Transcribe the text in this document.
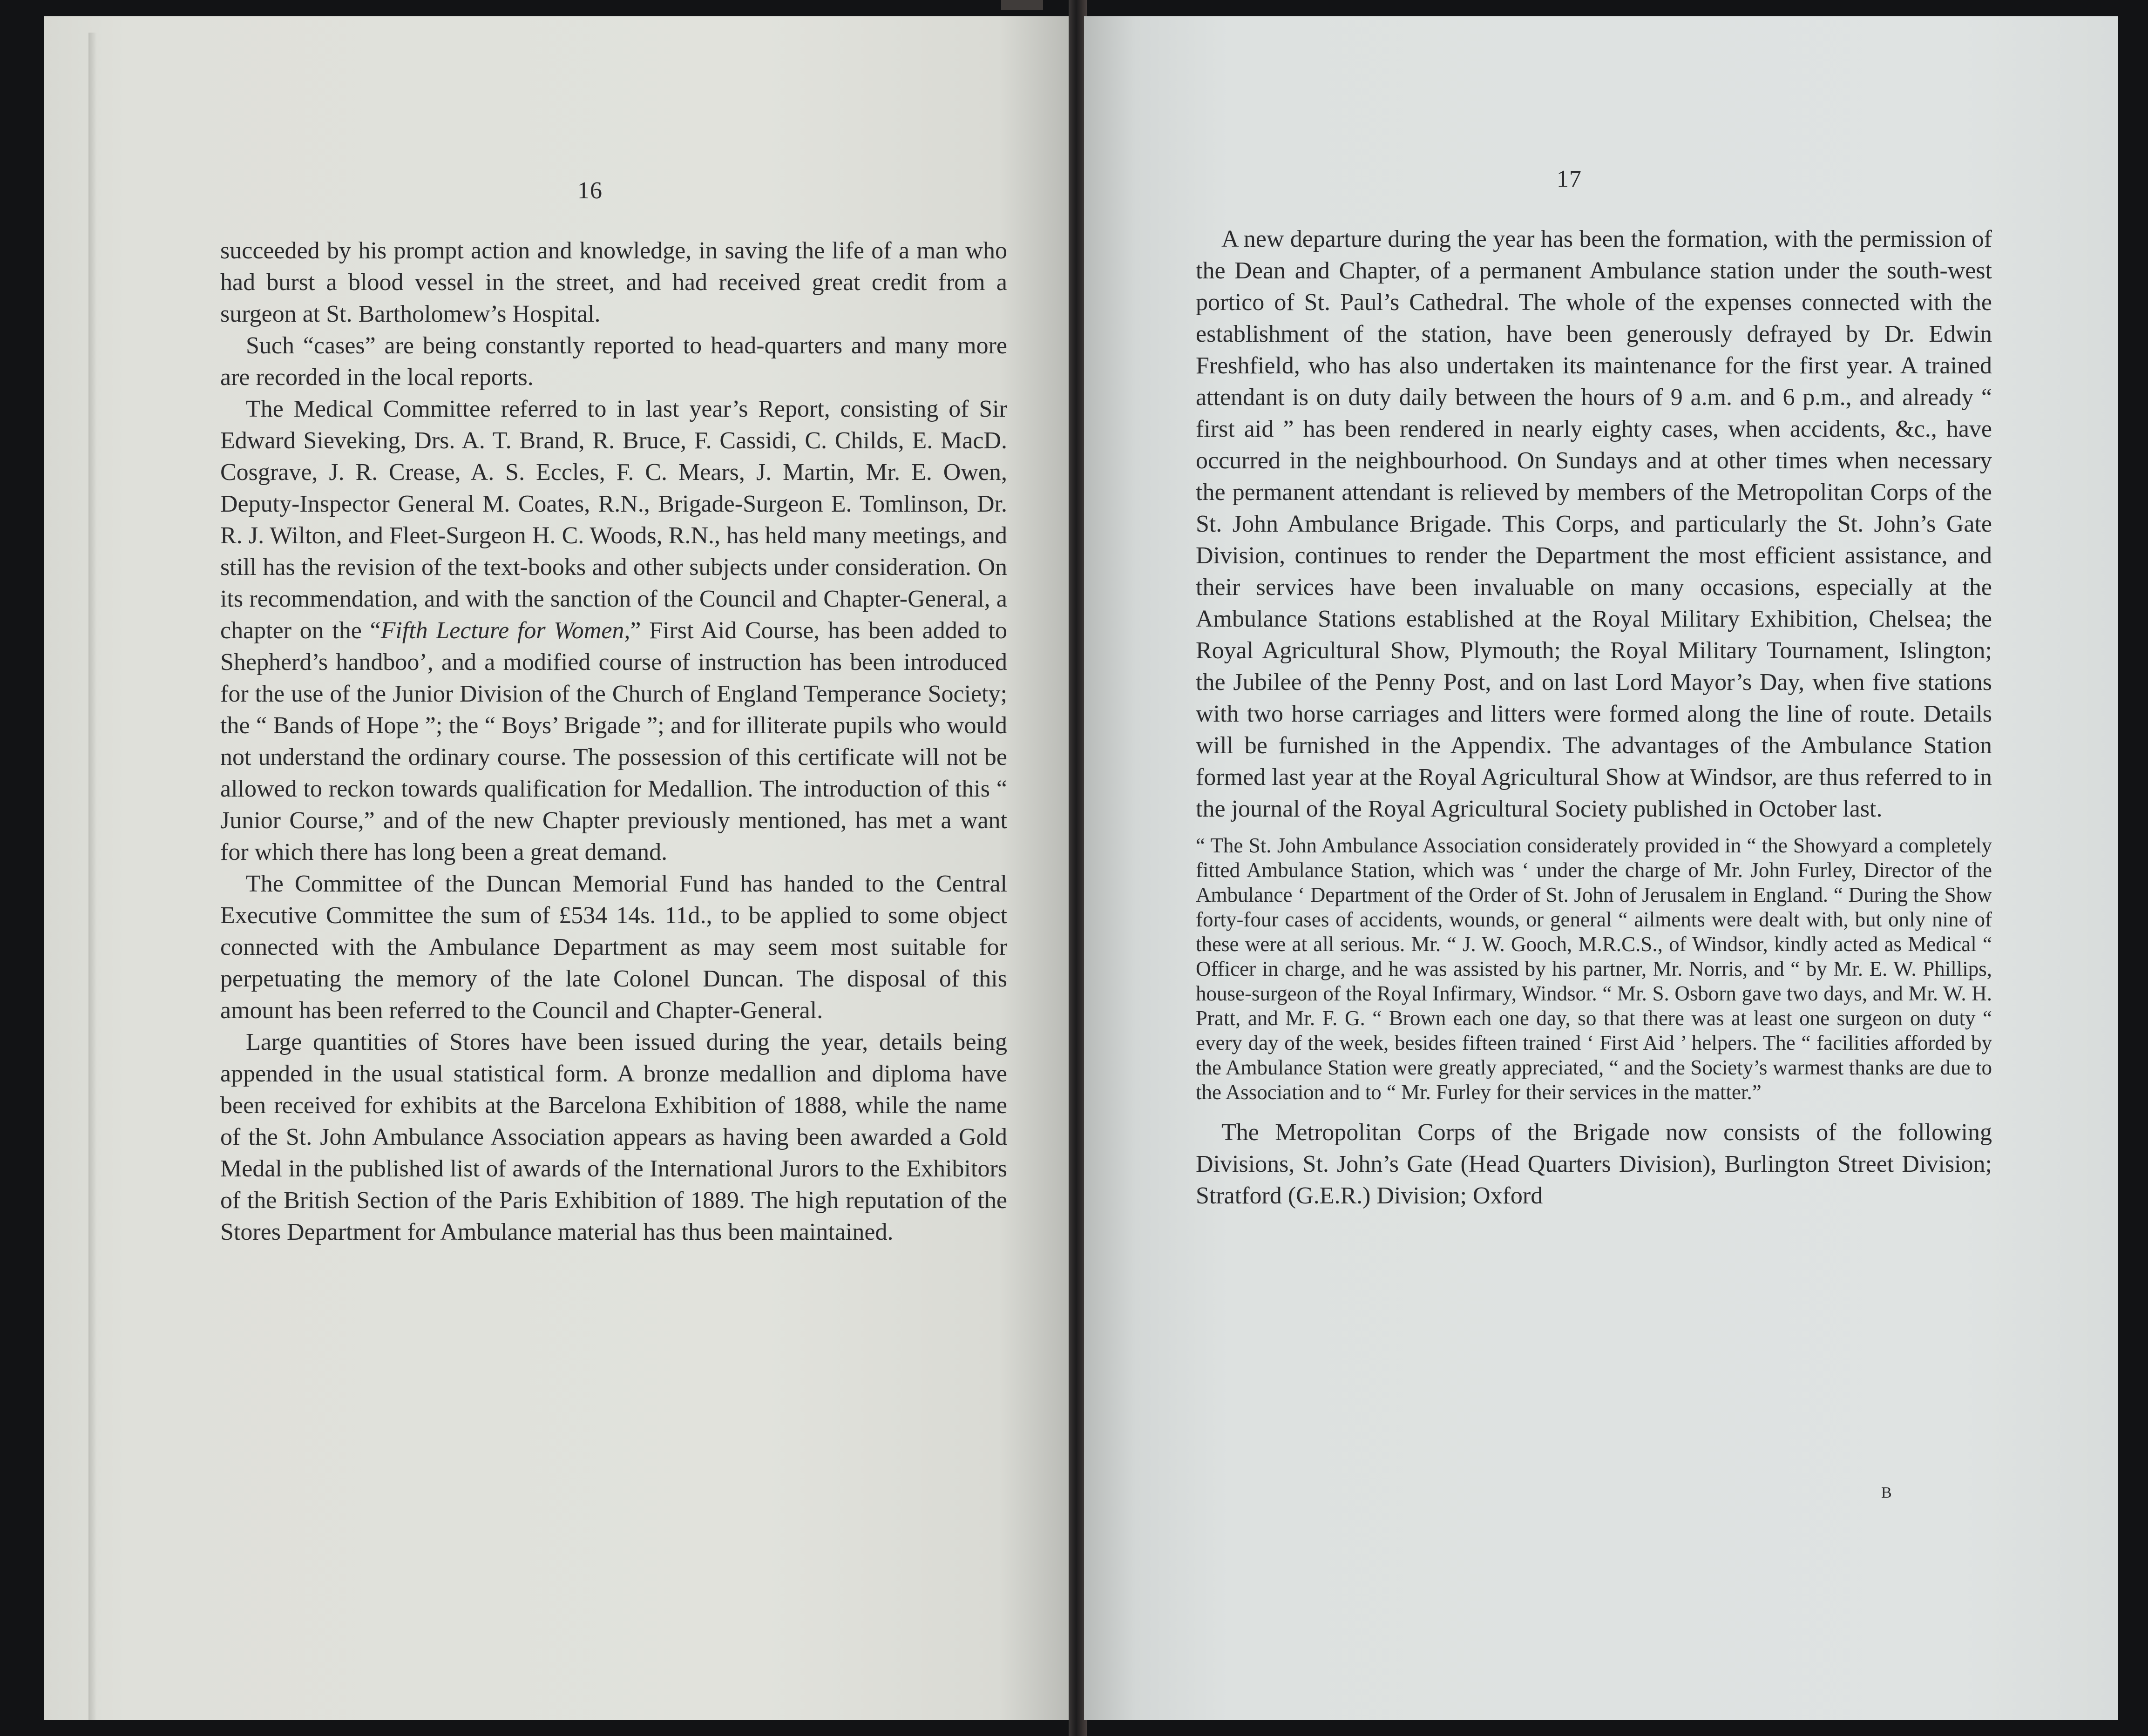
16

succeeded by his prompt action and knowledge, in saving the life of a man who had burst a blood vessel in the street, and had received great credit from a surgeon at St. Bartholomew’s Hospital.

Such “cases” are being constantly reported to head-quarters and many more are recorded in the local reports.

The Medical Committee referred to in last year’s Report, consisting of Sir Edward Sieveking, Drs. A. T. Brand, R. Bruce, F. Cassidi, C. Childs, E. MacD. Cosgrave, J. R. Crease, A. S. Eccles, F. C. Mears, J. Martin, Mr. E. Owen, Deputy-Inspector General M. Coates, R.N., Brigade-Surgeon E. Tomlinson, Dr. R. J. Wilton, and Fleet-Surgeon H. C. Woods, R.N., has held many meetings, and still has the revision of the text-books and other subjects under consideration. On its recommendation, and with the sanction of the Council and Chapter-General, a chapter on the “Fifth Lecture for Women,” First Aid Course, has been added to Shepherd’s handboo’, and a modified course of instruction has been introduced for the use of the Junior Division of the Church of England Temperance Society; the “ Bands of Hope ”; the “ Boys’ Brigade ”; and for illiterate pupils who would not understand the ordinary course. The possession of this certificate will not be allowed to reckon towards qualification for Medallion. The introduction of this “ Junior Course,” and of the new Chapter previously mentioned, has met a want for which there has long been a great demand.

The Committee of the Duncan Memorial Fund has handed to the Central Executive Committee the sum of £534 14s. 11d., to be applied to some object connected with the Ambulance Department as may seem most suitable for perpetuating the memory of the late Colonel Duncan. The disposal of this amount has been referred to the Council and Chapter-General.

Large quantities of Stores have been issued during the year, details being appended in the usual statistical form. A bronze medallion and diploma have been received for exhibits at the Barcelona Exhibition of 1888, while the name of the St. John Ambulance Association appears as having been awarded a Gold Medal in the published list of awards of the International Jurors to the Exhibitors of the British Section of the Paris Exhibition of 1889. The high reputation of the Stores Department for Ambulance material has thus been maintained.

17

A new departure during the year has been the formation, with the permission of the Dean and Chapter, of a permanent Ambulance station under the south-west portico of St. Paul’s Cathedral. The whole of the expenses connected with the establishment of the station, have been generously defrayed by Dr. Edwin Freshfield, who has also undertaken its maintenance for the first year. A trained attendant is on duty daily between the hours of 9 a.m. and 6 p.m., and already “ first aid ” has been rendered in nearly eighty cases, when accidents, &c., have occurred in the neighbourhood. On Sundays and at other times when necessary the permanent attendant is relieved by members of the Metropolitan Corps of the St. John Ambulance Brigade. This Corps, and particularly the St. John’s Gate Division, continues to render the Department the most efficient assistance, and their services have been invaluable on many occasions, especially at the Ambulance Stations established at the Royal Military Exhibition, Chelsea; the Royal Agricultural Show, Plymouth; the Royal Military Tournament, Islington; the Jubilee of the Penny Post, and on last Lord Mayor’s Day, when five stations with two horse carriages and litters were formed along the line of route. Details will be furnished in the Appendix. The advantages of the Ambulance Station formed last year at the Royal Agricultural Show at Windsor, are thus referred to in the journal of the Royal Agricultural Society published in October last.

“ The St. John Ambulance Association considerately provided in “ the Showyard a completely fitted Ambulance Station, which was ‘ under the charge of Mr. John Furley, Director of the Ambulance ‘ Department of the Order of St. John of Jerusalem in England. “ During the Show forty-four cases of accidents, wounds, or general “ ailments were dealt with, but only nine of these were at all serious. Mr. “ J. W. Gooch, M.R.C.S., of Windsor, kindly acted as Medical “ Officer in charge, and he was assisted by his partner, Mr. Norris, and “ by Mr. E. W. Phillips, house-surgeon of the Royal Infirmary, Windsor. “ Mr. S. Osborn gave two days, and Mr. W. H. Pratt, and Mr. F. G. “ Brown each one day, so that there was at least one surgeon on duty “ every day of the week, besides fifteen trained ‘ First Aid ’ helpers. The “ facilities afforded by the Ambulance Station were greatly appreciated, “ and the Society’s warmest thanks are due to the Association and to “ Mr. Furley for their services in the matter.”

The Metropolitan Corps of the Brigade now consists of the following Divisions, St. John’s Gate (Head Quarters Division), Burlington Street Division; Stratford (G.E.R.) Division; Oxford

B
